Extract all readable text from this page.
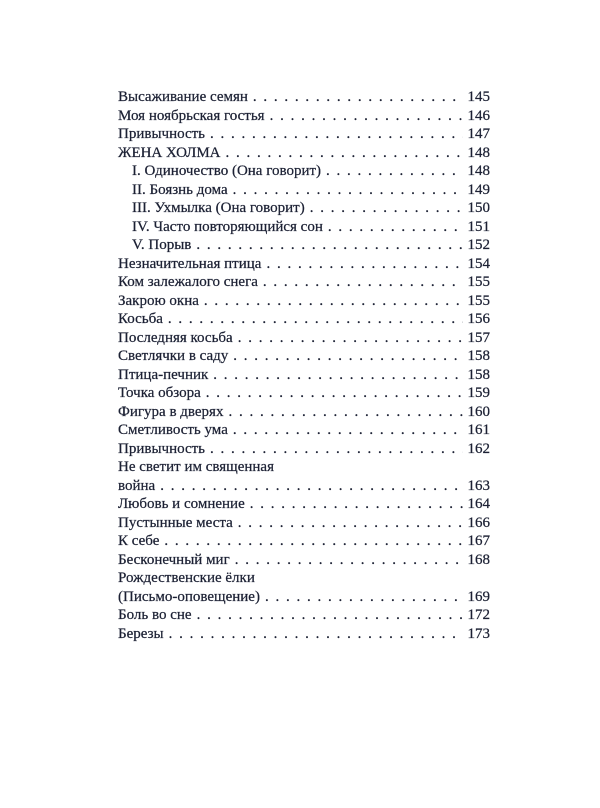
Высаживание семян . . .	145
Моя ноябрьская гостья . . .	146
Привычность . . .	147
ЖЕНА ХОЛМА . . .	148
I. Одиночество (Она говорит) . . .	148
II. Боязнь дома . . .	149
III. Ухмылка (Она говорит) . . .	150
IV. Часто повторяющийся сон . . .	151
V. Порыв . . .	152
Незначительная птица . . .	154
Ком залежалого снега . . .	155
Закрою окна . . .	155
Косьба . . .	156
Последняя косьба . . .	157
Светлячки в саду . . .	158
Птица-печник . . .	158
Точка обзора . . .	159
Фигура в дверях . . .	160
Сметливость ума . . .	161
Привычность . . .	162
Не светит им священная
война . . .	163
Любовь и сомнение . . .	164
Пустынные места . . .	166
К себе . . .	167
Бесконечный миг . . .	168
Рождественские ёлки
(Письмо-оповещение) . . .	169
Боль во сне . . .	172
Березы . . .	173
